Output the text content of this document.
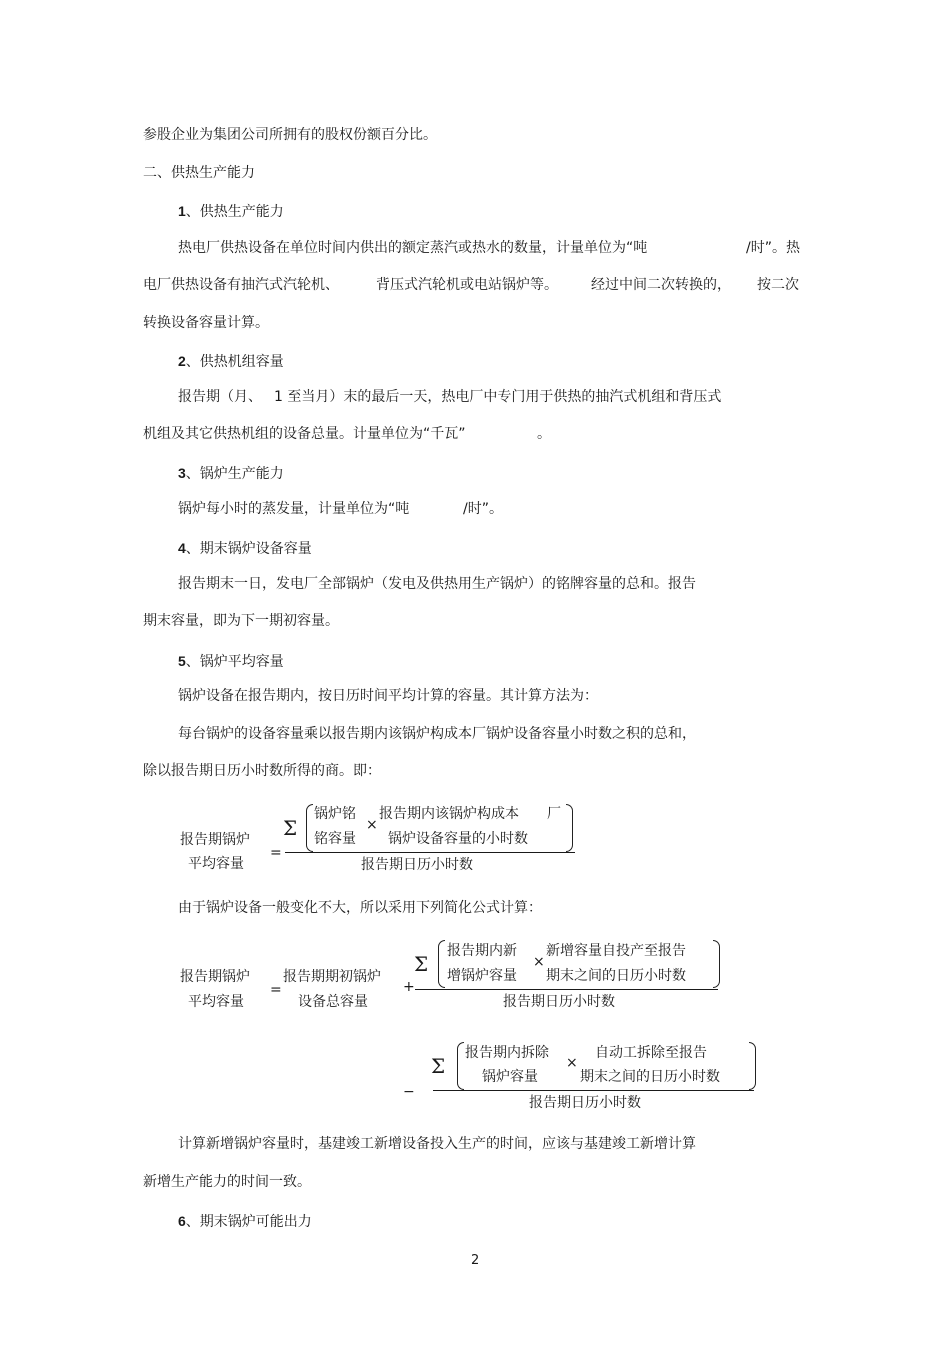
参股企业为集团公司所拥有的股权份额百分比。
二、供热生产能力
1、供热生产能力
热电厂供热设备在单位时间内供出的额定蒸汽或热水的数量，计量单位为“吨	/时”。热
电厂供热设备有抽汽式汽轮机、	背压式汽轮机或电站锅炉等。 经过中间二次转换的， 按二次
转换设备容量计算。
2、供热机组容量
报告期（月、 1 至当月）末的最后一天，热电厂中专门用于供热的抽汽式机组和背压式
机组及其它供热机组的设备总量。计量单位为“千瓦”	。
3、锅炉生产能力
锅炉每小时的蒸发量，计量单位为“吨	/时”。
4、期末锅炉设备容量
报告期末一日，发电厂全部锅炉（发电及供热用生产锅炉）的铭牌容量的总和。报告
期末容量，即为下一期初容量。
5、锅炉平均容量
锅炉设备在报告期内，按日历时间平均计算的容量。其计算方法为：
每台锅炉的设备容量乘以报告期内该锅炉构成本厂锅炉设备容量小时数之积的总和，
除以报告期日历小时数所得的商。即：
报告期锅炉
平均容量
=
Σ
锅炉铭
铭容量
×
报告期内该锅炉构成本 厂
锅炉设备容量的小时数
报告期日历小时数
由于锅炉设备一般变化不大，所以采用下列简化公式计算：
报告期锅炉
平均容量
=
报告期期初锅炉
设备总容量
+
Σ
报告期内新
增锅炉容量
×
新增容量自投产至报告
期末之间的日历小时数
报告期日历小时数
−
Σ
报告期内拆除
锅炉容量
×
自动工拆除至报告
期末之间的日历小时数
报告期日历小时数
计算新增锅炉容量时，基建竣工新增设备投入生产的时间，应该与基建竣工新增计算
新增生产能力的时间一致。
6、期末锅炉可能出力
2
